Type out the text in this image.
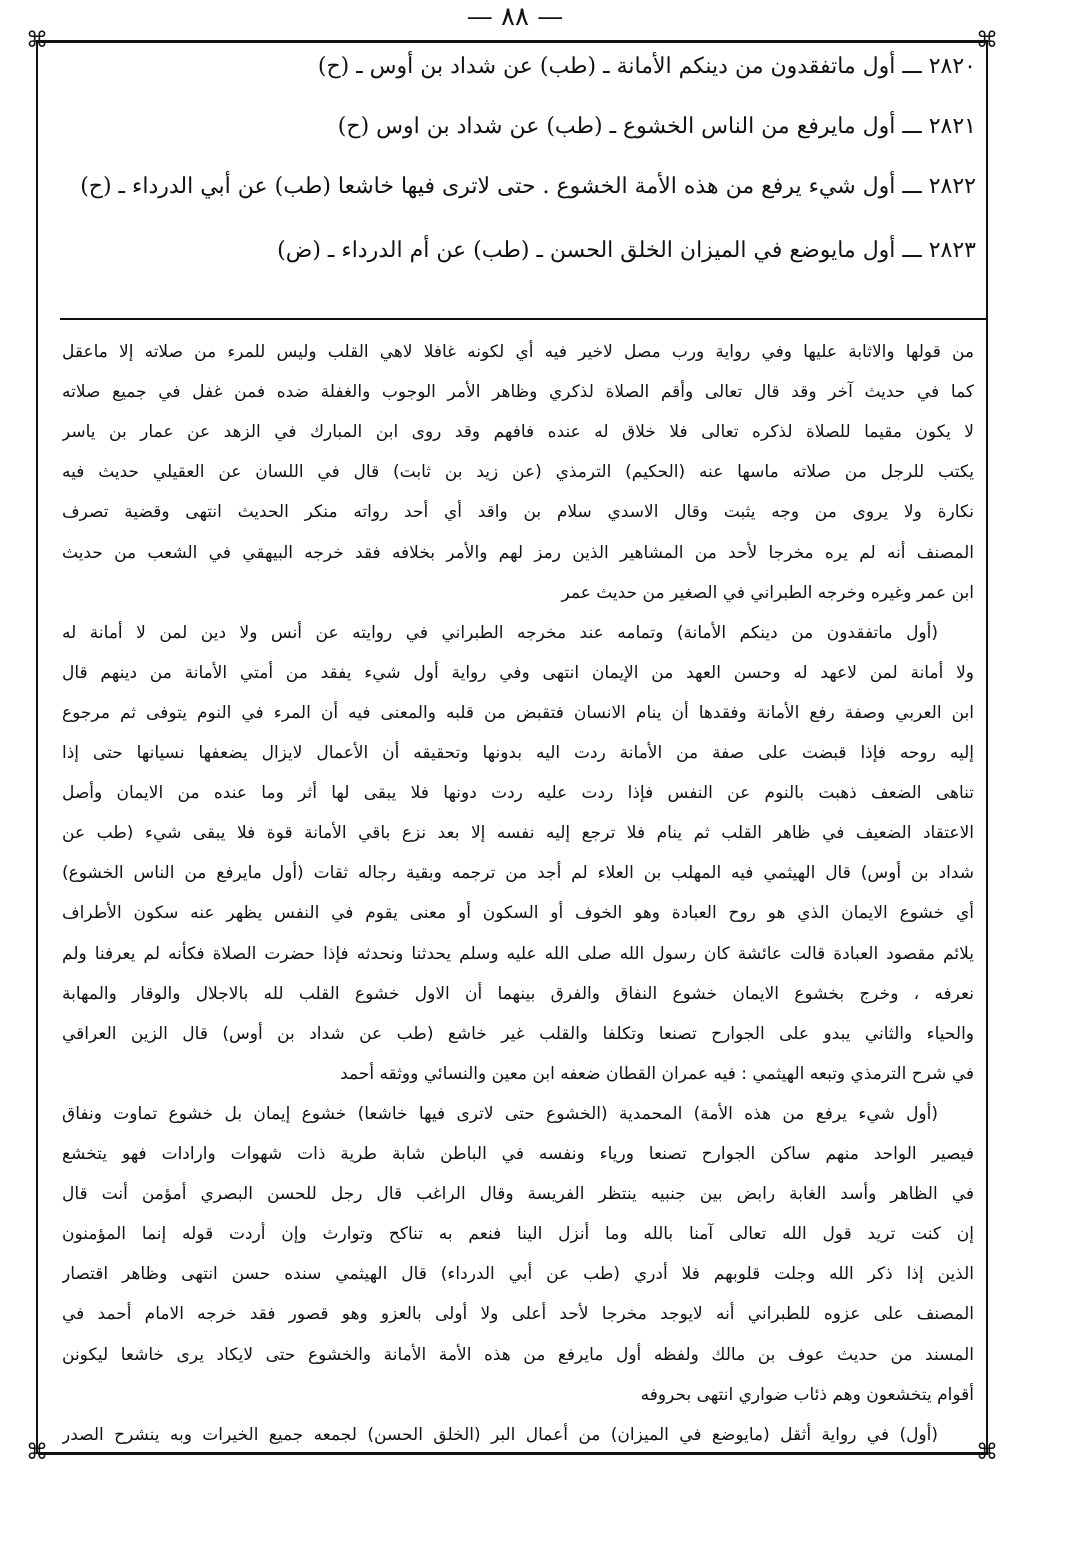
— ٨٨ —
⌘	⌘
⌘	⌘
٢٨٢٠ ـــ أول ماتفقدون من دينكم الأمانة ـ (طب) عن شداد بن أوس ـ (ح)
٢٨٢١ ـــ أول مايرفع من الناس الخشوع ـ (طب) عن شداد بن اوس (ح)
٢٨٢٢ ـــ أول شيء يرفع من هذه الأمة الخشوع . حتى لاترى فيها خاشعا (طب) عن أبي الدرداء ـ (ح)
٢٨٢٣ ـــ أول مايوضع في الميزان الخلق الحسن ـ (طب) عن أم الدرداء ـ (ض)
من قولها والاثابة عليها وفي رواية ورب مصل لاخير فيه أي لكونه غافلا لاهي القلب وليس للمرء من صلاته إلا ماعقل
كما في حديث آخر وقد قال تعالى وأقم الصلاة لذكري وظاهر الأمر الوجوب والغفلة ضده فمن غفل في جميع صلاته
لا يكون مقيما للصلاة لذكره تعالى فلا خلاق له عنده فافهم وقد روى ابن المبارك في الزهد عن عمار بن ياسر
يكتب للرجل من صلاته ماسها عنه (الحكيم) الترمذي (عن زيد بن ثابت) قال في اللسان عن العقيلي حديث فيه
نكارة ولا يروى من وجه يثبت وقال الاسدي سلام بن واقد أي أحد رواته منكر الحديث انتهى وقضية تصرف
المصنف أنه لم يره مخرجا لأحد من المشاهير الذين رمز لهم والأمر بخلافه فقد خرجه البيهقي في الشعب من حديث
ابن عمر وغيره وخرجه الطبراني في الصغير من حديث عمر
(أول ماتفقدون من دينكم الأمانة) وتمامه عند مخرجه الطبراني في روايته عن أنس ولا دين لمن لا أمانة له
ولا أمانة لمن لاعهد له وحسن العهد من الإيمان انتهى وفي رواية أول شيء يفقد من أمتي الأمانة من دينهم قال
ابن العربي وصفة رفع الأمانة وفقدها أن ينام الانسان فتقبض من قلبه والمعنى فيه أن المرء في النوم يتوفى ثم مرجوع
إليه روحه فإذا قبضت على صفة من الأمانة ردت اليه بدونها وتحقيقه أن الأعمال لايزال يضعفها نسيانها حتى إذا
تناهى الضعف ذهبت بالنوم عن النفس فإذا ردت عليه ردت دونها فلا يبقى لها أثر وما عنده من الايمان وأصل
الاعتقاد الضعيف في ظاهر القلب ثم ينام فلا ترجع إليه نفسه إلا بعد نزع باقي الأمانة قوة فلا يبقى شيء (طب عن
شداد بن أوس) قال الهيثمي فيه المهلب بن العلاء لم أجد من ترجمه وبقية رجاله ثقات (أول مايرفع من الناس الخشوع)
أي خشوع الايمان الذي هو روح العبادة وهو الخوف أو السكون أو معنى يقوم في النفس يظهر عنه سكون الأطراف
يلائم مقصود العبادة قالت عائشة كان رسول الله صلى الله عليه وسلم يحدثنا ونحدثه فإذا حضرت الصلاة فكأنه لم يعرفنا ولم
نعرفه ، وخرج بخشوع الايمان خشوع النفاق والفرق بينهما أن الاول خشوع القلب لله بالاجلال والوقار والمهابة
والحياء والثاني يبدو على الجوارح تصنعا وتكلفا والقلب غير خاشع (طب عن شداد بن أوس) قال الزين العراقي
في شرح الترمذي وتبعه الهيثمي : فيه عمران القطان ضعفه ابن معين والنسائي ووثقه أحمد
(أول شيء يرفع من هذه الأمة) المحمدية (الخشوع حتى لاترى فيها خاشعا) خشوع إيمان بل خشوع تماوت ونفاق
فيصير الواحد منهم ساكن الجوارح تصنعا ورياء ونفسه في الباطن شابة طرية ذات شهوات وارادات فهو يتخشع
في الظاهر وأسد الغابة رابض بين جنبيه ينتظر الفريسة وقال الراغب قال رجل للحسن البصري أمؤمن أنت قال
إن كنت تريد قول الله تعالى آمنا بالله وما أنزل الينا فنعم به تناكح وتوارث وإن أردت قوله إنما المؤمنون
الذين إذا ذكر الله وجلت قلوبهم فلا أدري (طب عن أبي الدرداء) قال الهيثمي سنده حسن انتهى وظاهر اقتصار
المصنف على عزوه للطبراني أنه لايوجد مخرجا لأحد أعلى ولا أولى بالعزو وهو قصور فقد خرجه الامام أحمد في
المسند من حديث عوف بن مالك ولفظه أول مايرفع من هذه الأمة الأمانة والخشوع حتى لايكاد يرى خاشعا ليكونن
أقوام يتخشعون وهم ذئاب ضواري انتهى بحروفه
(أول) في رواية أثقل (مايوضع في الميزان) من أعمال البر (الخلق الحسن) لجمعه جميع الخيرات وبه ينشرح الصدر
